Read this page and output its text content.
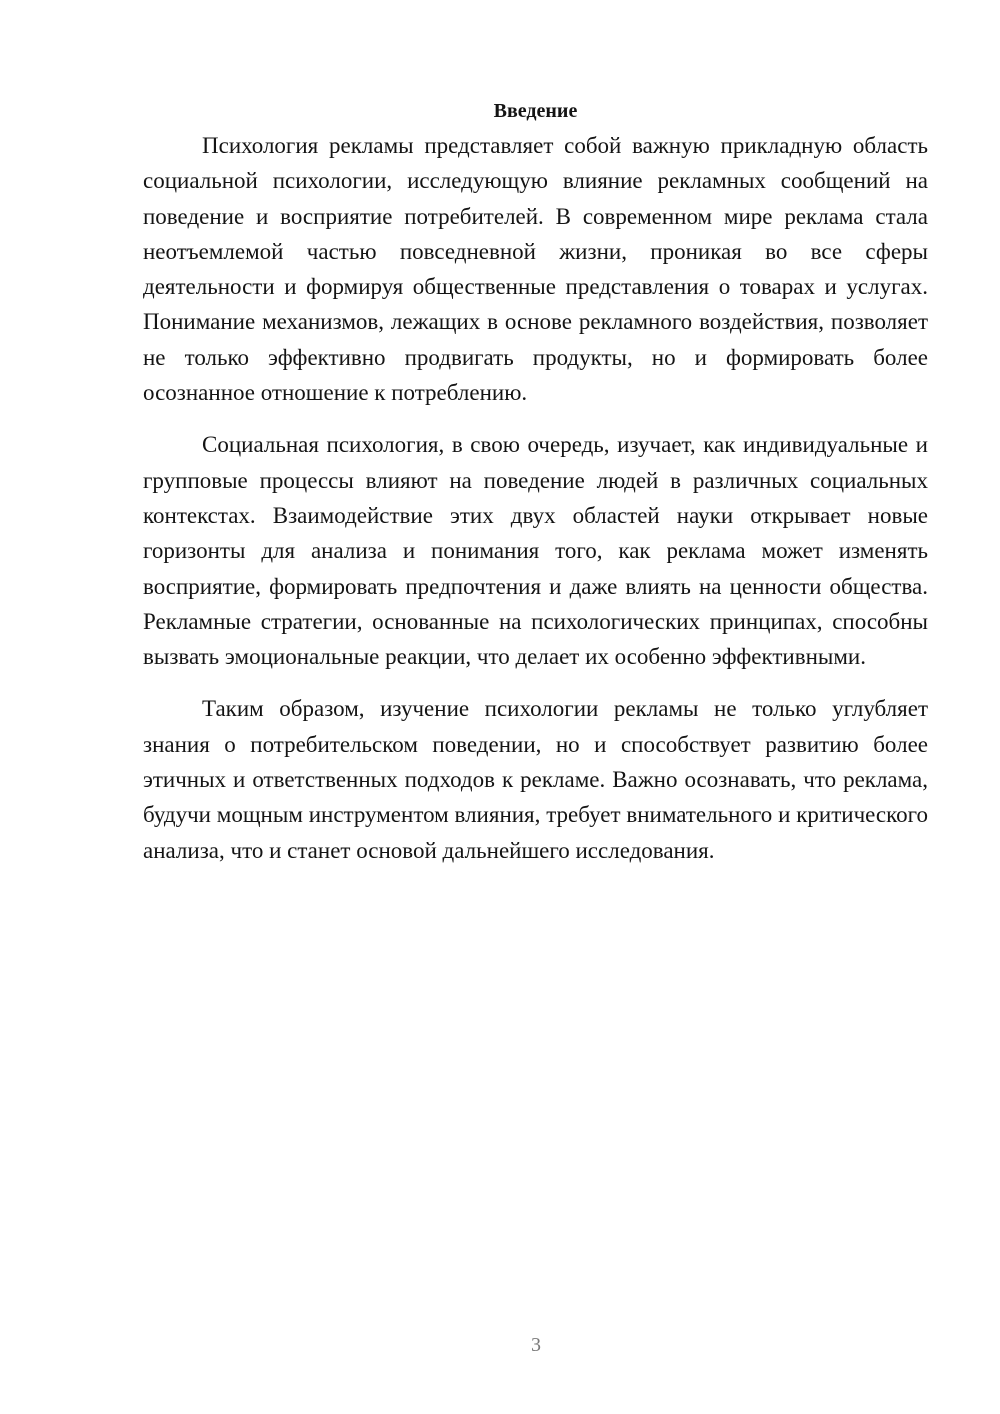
Введение

Психология рекламы представляет собой важную прикладную область социальной психологии, исследующую влияние рекламных сообщений на поведение и восприятие потребителей. В современном мире реклама стала неотъемлемой частью повседневной жизни, проникая во все сферы деятельности и формируя общественные представления о товарах и услугах. Понимание механизмов, лежащих в основе рекламного воздействия, позволяет не только эффективно продвигать продукты, но и формировать более осознанное отношение к потреблению.

Социальная психология, в свою очередь, изучает, как индивидуальные и групповые процессы влияют на поведение людей в различных социальных контекстах. Взаимодействие этих двух областей науки открывает новые горизонты для анализа и понимания того, как реклама может изменять восприятие, формировать предпочтения и даже влиять на ценности общества. Рекламные стратегии, основанные на психологических принципах, способны вызвать эмоциональные реакции, что делает их особенно эффективными.

Таким образом, изучение психологии рекламы не только углубляет знания о потребительском поведении, но и способствует развитию более этичных и ответственных подходов к рекламе. Важно осознавать, что реклама, будучи мощным инструментом влияния, требует внимательного и критического анализа, что и станет основой дальнейшего исследования.

3
